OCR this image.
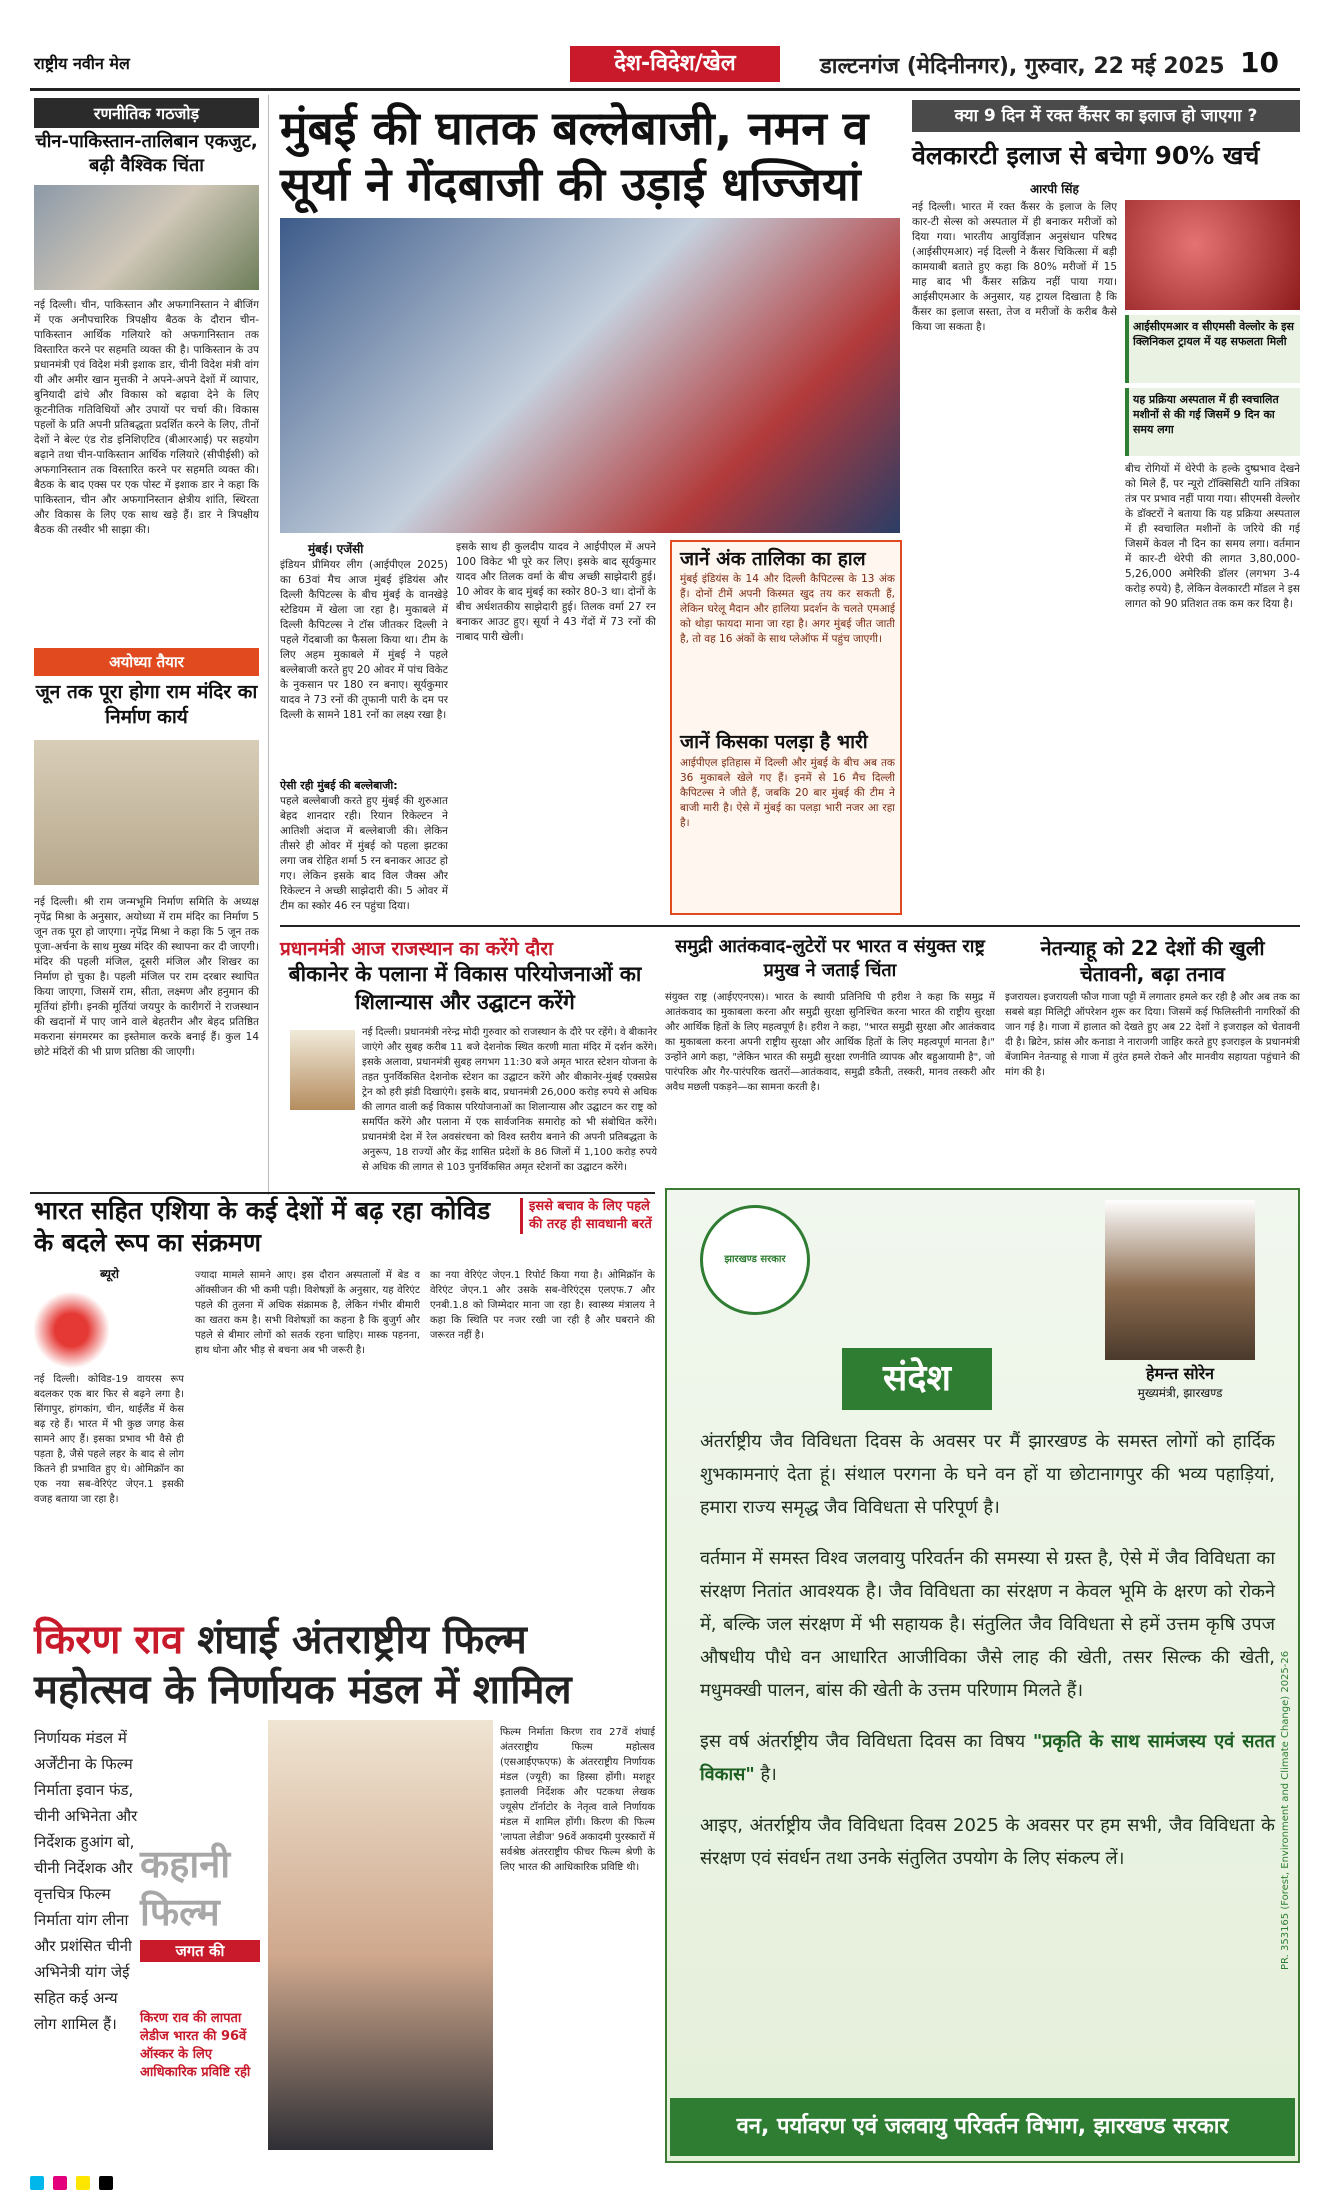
राष्ट्रीय नवीन मेल	देश-विदेश/खेल	डाल्टनगंज (मेदिनीनगर), गुरुवार, 22 मई 2025 10
रणनीतिक गठजोड़
चीन-पाकिस्तान-तालिबान एकजुट, बढ़ी वैश्विक चिंता
नई दिल्ली। चीन, पाकिस्तान और अफगानिस्तान ने बीजिंग में एक अनौपचारिक त्रिपक्षीय बैठक के दौरान चीन-पाकिस्तान आर्थिक गलियारे को अफगानिस्तान तक विस्तारित करने पर सहमति व्यक्त की है। पाकिस्तान के उप प्रधानमंत्री एवं विदेश मंत्री इशाक डार, चीनी विदेश मंत्री वांग यी और अमीर खान मुत्तकी ने अपने-अपने देशों में व्यापार, बुनियादी ढांचे और विकास को बढ़ावा देने के लिए कूटनीतिक गतिविधियों और उपायों पर चर्चा की। विकास पहलों के प्रति अपनी प्रतिबद्धता प्रदर्शित करने के लिए, तीनों देशों ने बेल्ट एंड रोड इनिशिएटिव (बीआरआई) पर सहयोग बढ़ाने तथा चीन-पाकिस्तान आर्थिक गलियारे (सीपीईसी) को अफगानिस्तान तक विस्तारित करने पर सहमति व्यक्त की। बैठक के बाद एक्स पर एक पोस्ट में इशाक डार ने कहा कि पाकिस्तान, चीन और अफगानिस्तान क्षेत्रीय शांति, स्थिरता और विकास के लिए एक साथ खड़े हैं। डार ने त्रिपक्षीय बैठक की तस्वीर भी साझा की।
अयोध्या तैयार
जून तक पूरा होगा राम मंदिर का निर्माण कार्य
नई दिल्ली। श्री राम जन्मभूमि निर्माण समिति के अध्यक्ष नृपेंद्र मिश्रा के अनुसार, अयोध्या में राम मंदिर का निर्माण 5 जून तक पूरा हो जाएगा। नृपेंद्र मिश्रा ने कहा कि 5 जून तक पूजा-अर्चना के साथ मुख्य मंदिर की स्थापना कर दी जाएगी। मंदिर की पहली मंजिल, दूसरी मंजिल और शिखर का निर्माण हो चुका है। पहली मंजिल पर राम दरबार स्थापित किया जाएगा, जिसमें राम, सीता, लक्ष्मण और हनुमान की मूर्तियां होंगी। इनकी मूर्तियां जयपुर के कारीगरों ने राजस्थान की खदानों में पाए जाने वाले बेहतरीन और बेहद प्रतिष्ठित मकराना संगमरमर का इस्तेमाल करके बनाई हैं। कुल 14 छोटे मंदिरों की भी प्राण प्रतिष्ठा की जाएगी।
मुंबई की घातक बल्लेबाजी, नमन व सूर्या ने गेंदबाजी की उड़ाई धज्जियां
मुंबई। एजेंसी
इंडियन प्रीमियर लीग (आईपीएल 2025) का 63वां मैच आज मुंबई इंडियंस और दिल्ली कैपिटल्स के बीच मुंबई के वानखेड़े स्टेडियम में खेला जा रहा है। मुकाबले में दिल्ली कैपिटल्स ने टॉस जीतकर दिल्ली ने पहले गेंदबाजी का फैसला किया था। टीम के लिए अहम मुकाबले में मुंबई ने पहले बल्लेबाजी करते हुए 20 ओवर में पांच विकेट के नुकसान पर 180 रन बनाए। सूर्यकुमार यादव ने 73 रनों की तूफानी पारी के दम पर दिल्ली के सामने 181 रनों का लक्ष्य रखा है।
ऐसी रही मुंबई की बल्लेबाजी:
पहले बल्लेबाजी करते हुए मुंबई की शुरुआत बेहद शानदार रही। रियान रिकेल्टन ने आतिशी अंदाज में बल्लेबाजी की। लेकिन तीसरे ही ओवर में मुंबई को पहला झटका लगा जब रोहित शर्मा 5 रन बनाकर आउट हो गए। लेकिन इसके बाद विल जैक्स और रिकेल्टन ने अच्छी साझेदारी की। 5 ओवर में टीम का स्कोर 46 रन पहुंचा दिया।
इसके साथ ही कुलदीप यादव ने आईपीएल में अपने 100 विकेट भी पूरे कर लिए। इसके बाद सूर्यकुमार यादव और तिलक वर्मा के बीच अच्छी साझेदारी हुई। 10 ओवर के बाद मुंबई का स्कोर 80-3 था। दोनों के बीच अर्धशतकीय साझेदारी हुई। तिलक वर्मा 27 रन बनाकर आउट हुए। सूर्या ने 43 गेंदों में 73 रनों की नाबाद पारी खेली।
जानें अंक तालिका का हाल
मुंबई इंडियंस के 14 और दिल्ली कैपिटल्स के 13 अंक हैं। दोनों टीमें अपनी किस्मत खुद तय कर सकती हैं, लेकिन घरेलू मैदान और हालिया प्रदर्शन के चलते एमआई को थोड़ा फायदा माना जा रहा है। अगर मुंबई जीत जाती है, तो वह 16 अंकों के साथ प्लेऑफ में पहुंच जाएगी।
जानें किसका पलड़ा है भारी
आईपीएल इतिहास में दिल्ली और मुंबई के बीच अब तक 36 मुकाबले खेले गए हैं। इनमें से 16 मैच दिल्ली कैपिटल्स ने जीते हैं, जबकि 20 बार मुंबई की टीम ने बाजी मारी है। ऐसे में मुंबई का पलड़ा भारी नजर आ रहा है।
क्या 9 दिन में रक्त कैंसर का इलाज हो जाएगा ?
वेलकारटी इलाज से बचेगा 90% खर्च
आरपी सिंह
नई दिल्ली। भारत में रक्त कैंसर के इलाज के लिए कार-टी सेल्स को अस्पताल में ही बनाकर मरीजों को दिया गया। भारतीय आयुर्विज्ञान अनुसंधान परिषद (आईसीएमआर) नई दिल्ली ने कैंसर चिकित्सा में बड़ी कामयाबी बताते हुए कहा कि 80% मरीजों में 15 माह बाद भी कैंसर सक्रिय नहीं पाया गया। आईसीएमआर के अनुसार, यह ट्रायल दिखाता है कि कैंसर का इलाज सस्ता, तेज व मरीजों के करीब कैसे किया जा सकता है।	आईसीएमआर व सीएमसी वेल्लोर के इस क्लिनिकल ट्रायल में यह सफलता मिली
यह प्रक्रिया अस्पताल में ही स्वचालित मशीनों से की गई जिसमें 9 दिन का समय लगा
बीच रोगियों में थेरेपी के हल्के दुष्प्रभाव देखने को मिले हैं, पर न्यूरो टॉक्सिसिटी यानि तंत्रिका तंत्र पर प्रभाव नहीं पाया गया। सीएमसी वेल्लोर के डॉक्टरों ने बताया कि यह प्रक्रिया अस्पताल में ही स्वचालित मशीनों के जरिये की गई जिसमें केवल नौ दिन का समय लगा। वर्तमान में कार-टी थेरेपी की लागत 3,80,000-5,26,000 अमेरिकी डॉलर (लगभग 3-4 करोड़ रुपये) है, लेकिन वेलकारटी मॉडल ने इस लागत को 90 प्रतिशत तक कम कर दिया है।
प्रधानमंत्री आज राजस्थान का करेंगे दौरा
बीकानेर के पलाना में विकास परियोजनाओं का शिलान्यास और उद्घाटन करेंगे
नई दिल्ली। प्रधानमंत्री नरेन्द्र मोदी गुरुवार को राजस्थान के दौरे पर रहेंगे। वे बीकानेर जाएंगे और सुबह करीब 11 बजे देशनोक स्थित करणी माता मंदिर में दर्शन करेंगे। इसके अलावा, प्रधानमंत्री सुबह लगभग 11:30 बजे अमृत भारत स्टेशन योजना के तहत पुनर्विकसित देशनोक स्टेशन का उद्घाटन करेंगे और बीकानेर-मुंबई एक्सप्रेस ट्रेन को हरी झंडी दिखाएंगे। इसके बाद, प्रधानमंत्री 26,000 करोड़ रुपये से अधिक की लागत वाली कई विकास परियोजनाओं का शिलान्यास और उद्घाटन कर राष्ट्र को समर्पित करेंगे और पलाना में एक सार्वजनिक समारोह को भी संबोधित करेंगे। प्रधानमंत्री देश में रेल अवसंरचना को विश्व स्तरीय बनाने की अपनी प्रतिबद्धता के अनुरूप, 18 राज्यों और केंद्र शासित प्रदेशों के 86 जिलों में 1,100 करोड़ रुपये से अधिक की लागत से 103 पुनर्विकसित अमृत स्टेशनों का उद्घाटन करेंगे।
समुद्री आतंकवाद-लुटेरों पर भारत व संयुक्त राष्ट्र प्रमुख ने जताई चिंता
संयुक्त राष्ट्र (आईएएनएस)। भारत के स्थायी प्रतिनिधि पी हरीश ने कहा कि समुद्र में आतंकवाद का मुकाबला करना और समुद्री सुरक्षा सुनिश्चित करना भारत की राष्ट्रीय सुरक्षा और आर्थिक हितों के लिए महत्वपूर्ण है। हरीश ने कहा, "भारत समुद्री सुरक्षा और आतंकवाद का मुकाबला करना अपनी राष्ट्रीय सुरक्षा और आर्थिक हितों के लिए महत्वपूर्ण मानता है।" उन्होंने आगे कहा, "लेकिन भारत की समुद्री सुरक्षा रणनीति व्यापक और बहुआयामी है", जो पारंपरिक और गैर-पारंपरिक खतरों—आतंकवाद, समुद्री डकैती, तस्करी, मानव तस्करी और अवैध मछली पकड़ने—का सामना करती है।
नेतन्याहू को 22 देशों की खुली चेतावनी, बढ़ा तनाव
इजरायल। इजरायली फौज गाजा पट्टी में लगातार हमले कर रही है और अब तक का सबसे बड़ा मिलिट्री ऑपरेशन शुरू कर दिया। जिसमें कई फिलिस्तीनी नागरिकों की जान गई है। गाजा में हालात को देखते हुए अब 22 देशों ने इजराइल को चेतावनी दी है। ब्रिटेन, फ्रांस और कनाडा ने नाराजगी जाहिर करते हुए इजराइल के प्रधानमंत्री बेंजामिन नेतन्याहू से गाजा में तुरंत हमले रोकने और मानवीय सहायता पहुंचाने की मांग की है।
भारत सहित एशिया के कई देशों में बढ़ रहा कोविड के बदले रूप का संक्रमण
इससे बचाव के लिए पहले की तरह ही सावधानी बरतें
ब्यूरो
नई दिल्ली। कोविड-19 वायरस रूप बदलकर एक बार फिर से बढ़ने लगा है। सिंगापुर, हांगकांग, चीन, थाईलैंड में केस बढ़ रहे हैं। भारत में भी कुछ जगह केस सामने आए हैं। इसका प्रभाव भी वैसे ही पड़ता है, जैसे पहले लहर के बाद से लोग कितने ही प्रभावित हुए थे। ओमिक्रॉन का एक नया सब-वेरिएंट जेएन.1 इसकी वजह बताया जा रहा है।
ज्यादा मामले सामने आए। इस दौरान अस्पतालों में बेड व ऑक्सीजन की भी कमी पड़ी। विशेषज्ञों के अनुसार, यह वेरिएंट पहले की तुलना में अधिक संक्रामक है, लेकिन गंभीर बीमारी का खतरा कम है। सभी विशेषज्ञों का कहना है कि बुजुर्ग और पहले से बीमार लोगों को सतर्क रहना चाहिए। मास्क पहनना, हाथ धोना और भीड़ से बचना अब भी जरूरी है।
का नया वेरिएंट जेएन.1 रिपोर्ट किया गया है। ओमिक्रॉन के वेरिएंट जेएन.1 और उसके सब-वेरिएंट्स एलएफ.7 और एनबी.1.8 को जिम्मेदार माना जा रहा है। स्वास्थ्य मंत्रालय ने कहा कि स्थिति पर नजर रखी जा रही है और घबराने की जरूरत नहीं है।
किरण राव शंघाई अंतराष्ट्रीय फिल्म महोत्सव के निर्णायक मंडल में शामिल
निर्णायक मंडल में अर्जेंटीना के फिल्म निर्माता इवान फंड, चीनी अभिनेता और निर्देशक हुआंग बो, चीनी निर्देशक और वृत्तचित्र फिल्म निर्माता यांग लीना और प्रशंसित चीनी अभिनेत्री यांग जेई सहित कई अन्य लोग शामिल हैं।
कहानी
फिल्म
जगत की
किरण राव की लापता लेडीज भारत की 96वें ऑस्कर के लिए आधिकारिक प्रविष्टि रही
फिल्म निर्माता किरण राव 27वें शंघाई अंतरराष्ट्रीय फिल्म महोत्सव (एसआईएफएफ) के अंतरराष्ट्रीय निर्णायक मंडल (ज्यूरी) का हिस्सा होंगी। मशहूर इतालवी निर्देशक और पटकथा लेखक ज्यूसेप टॉर्नाटोर के नेतृत्व वाले निर्णायक मंडल में शामिल होंगी। किरण की फिल्म 'लापता लेडीज' 96वें अकादमी पुरस्कारों में सर्वश्रेष्ठ अंतरराष्ट्रीय फीचर फिल्म श्रेणी के लिए भारत की आधिकारिक प्रविष्टि थी।
झारखण्ड सरकार
हेमन्त सोरेन
मुख्यमंत्री, झारखण्ड
संदेश

अंतर्राष्ट्रीय जैव विविधता दिवस के अवसर पर मैं झारखण्ड के समस्त लोगों को हार्दिक शुभकामनाएं देता हूं। संथाल परगना के घने वन हों या छोटानागपुर की भव्य पहाड़ियां, हमारा राज्य समृद्ध जैव विविधता से परिपूर्ण है।

वर्तमान में समस्त विश्व जलवायु परिवर्तन की समस्या से ग्रस्त है, ऐसे में जैव विविधता का संरक्षण नितांत आवश्यक है। जैव विविधता का संरक्षण न केवल भूमि के क्षरण को रोकने में, बल्कि जल संरक्षण में भी सहायक है। संतुलित जैव विविधता से हमें उत्तम कृषि उपज औषधीय पौधे वन आधारित आजीविका जैसे लाह की खेती, तसर सिल्क की खेती, मधुमक्खी पालन, बांस की खेती के उत्तम परिणाम मिलते हैं।

इस वर्ष अंतर्राष्ट्रीय जैव विविधता दिवस का विषय "प्रकृति के साथ सामंजस्य एवं सतत विकास" है।

आइए, अंतर्राष्ट्रीय जैव विविधता दिवस 2025 के अवसर पर हम सभी, जैव विविधता के संरक्षण एवं संवर्धन तथा उनके संतुलित उपयोग के लिए संकल्प लें।	PR. 353165 (Forest, Environment and Climate Change) 2025-26
वन, पर्यावरण एवं जलवायु परिवर्तन विभाग, झारखण्ड सरकार
